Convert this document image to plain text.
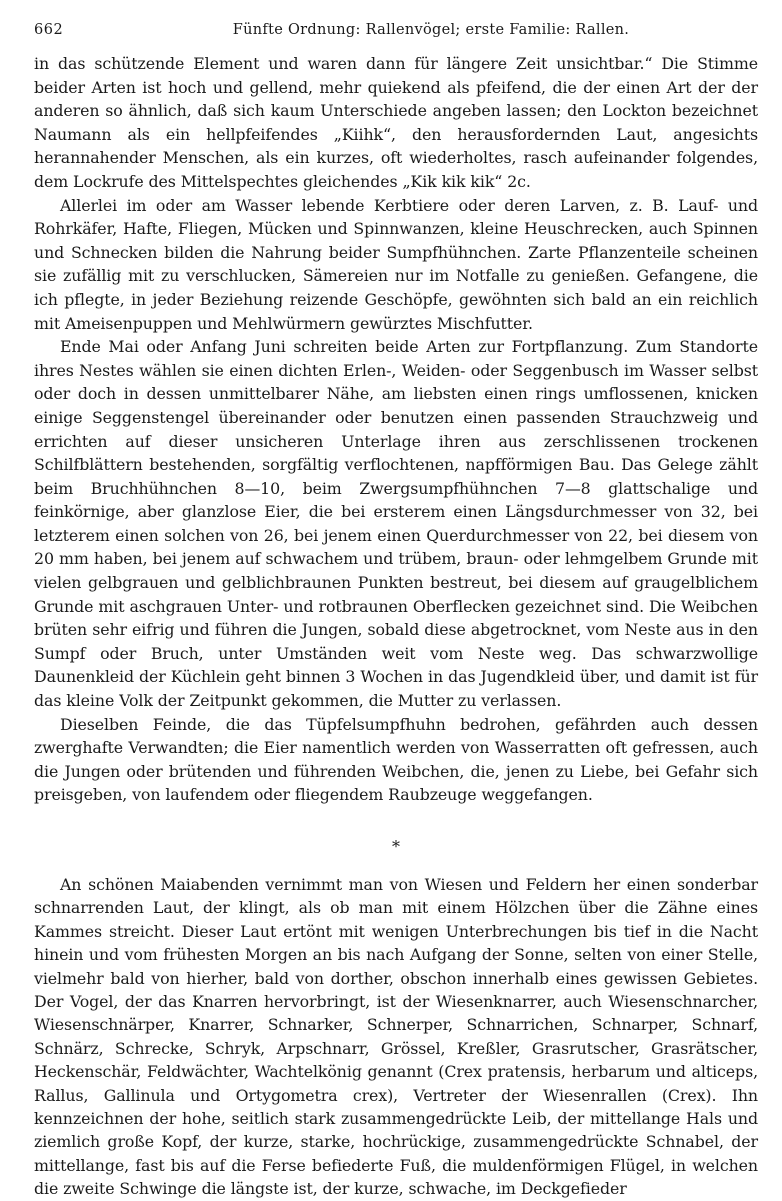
662	Fünfte Ordnung: Rallenvögel; erste Familie: Rallen.

in das schützende Element und waren dann für längere Zeit unsichtbar.“ Die Stimme beider Arten ist hoch und gellend, mehr quiekend als pfeifend, die der einen Art der der anderen so ähnlich, daß sich kaum Unterschiede angeben lassen; den Lockton bezeichnet Naumann als ein hellpfeifendes „Kiihk“, den herausfordernden Laut, angesichts herannahender Menschen, als ein kurzes, oft wiederholtes, rasch aufeinander folgendes, dem Lockrufe des Mittelspechtes gleichendes „Kik kik kik“ 2c.

Allerlei im oder am Wasser lebende Kerbtiere oder deren Larven, z. B. Lauf- und Rohrkäfer, Hafte, Fliegen, Mücken und Spinnwanzen, kleine Heuschrecken, auch Spinnen und Schnecken bilden die Nahrung beider Sumpfhühnchen. Zarte Pflanzenteile scheinen sie zufällig mit zu verschlucken, Sämereien nur im Notfalle zu genießen. Gefangene, die ich pflegte, in jeder Beziehung reizende Geschöpfe, gewöhnten sich bald an ein reichlich mit Ameisenpuppen und Mehlwürmern gewürztes Mischfutter.

Ende Mai oder Anfang Juni schreiten beide Arten zur Fortpflanzung. Zum Standorte ihres Nestes wählen sie einen dichten Erlen-, Weiden- oder Seggenbusch im Wasser selbst oder doch in dessen unmittelbarer Nähe, am liebsten einen rings umflossenen, knicken einige Seggenstengel übereinander oder benutzen einen passenden Strauchzweig und errichten auf dieser unsicheren Unterlage ihren aus zerschlissenen trockenen Schilfblättern bestehenden, sorgfältig verflochtenen, napfförmigen Bau. Das Gelege zählt beim Bruchhühnchen 8—10, beim Zwergsumpfhühnchen 7—8 glattschalige und feinkörnige, aber glanzlose Eier, die bei ersterem einen Längsdurchmesser von 32, bei letzterem einen solchen von 26, bei jenem einen Querdurchmesser von 22, bei diesem von 20 mm haben, bei jenem auf schwachem und trübem, braun- oder lehmgelbem Grunde mit vielen gelbgrauen und gelblichbraunen Punkten bestreut, bei diesem auf graugelblichem Grunde mit aschgrauen Unter- und rotbraunen Oberflecken gezeichnet sind. Die Weibchen brüten sehr eifrig und führen die Jungen, sobald diese abgetrocknet, vom Neste aus in den Sumpf oder Bruch, unter Umständen weit vom Neste weg. Das schwarzwollige Daunenkleid der Küchlein geht binnen 3 Wochen in das Jugendkleid über, und damit ist für das kleine Volk der Zeitpunkt gekommen, die Mutter zu verlassen.

Dieselben Feinde, die das Tüpfelsumpfhuhn bedrohen, gefährden auch dessen zwerghafte Verwandten; die Eier namentlich werden von Wasserratten oft gefressen, auch die Jungen oder brütenden und führenden Weibchen, die, jenen zu Liebe, bei Gefahr sich preisgeben, von laufendem oder fliegendem Raubzeuge weggefangen.

*

An schönen Maiabenden vernimmt man von Wiesen und Feldern her einen sonderbar schnarrenden Laut, der klingt, als ob man mit einem Hölzchen über die Zähne eines Kammes streicht. Dieser Laut ertönt mit wenigen Unterbrechungen bis tief in die Nacht hinein und vom frühesten Morgen an bis nach Aufgang der Sonne, selten von einer Stelle, vielmehr bald von hierher, bald von dorther, obschon innerhalb eines gewissen Gebietes. Der Vogel, der das Knarren hervorbringt, ist der Wiesenknarrer, auch Wiesenschnarcher, Wiesenschnärper, Knarrer, Schnarker, Schnerper, Schnarrichen, Schnarper, Schnarf, Schnärz, Schrecke, Schryk, Arpschnarr, Grössel, Kreßler, Grasrutscher, Grasrätscher, Heckenschär, Feldwächter, Wachtelkönig genannt (Crex pratensis, herbarum und alticeps, Rallus, Gallinula und Ortygometra crex), Vertreter der Wiesenrallen (Crex). Ihn kennzeichnen der hohe, seitlich stark zusammengedrückte Leib, der mittellange Hals und ziemlich große Kopf, der kurze, starke, hochrückige, zusammengedrückte Schnabel, der mittellange, fast bis auf die Ferse befiederte Fuß, die muldenförmigen Flügel, in welchen die zweite Schwinge die längste ist, der kurze, schwache, im Deckgefieder
